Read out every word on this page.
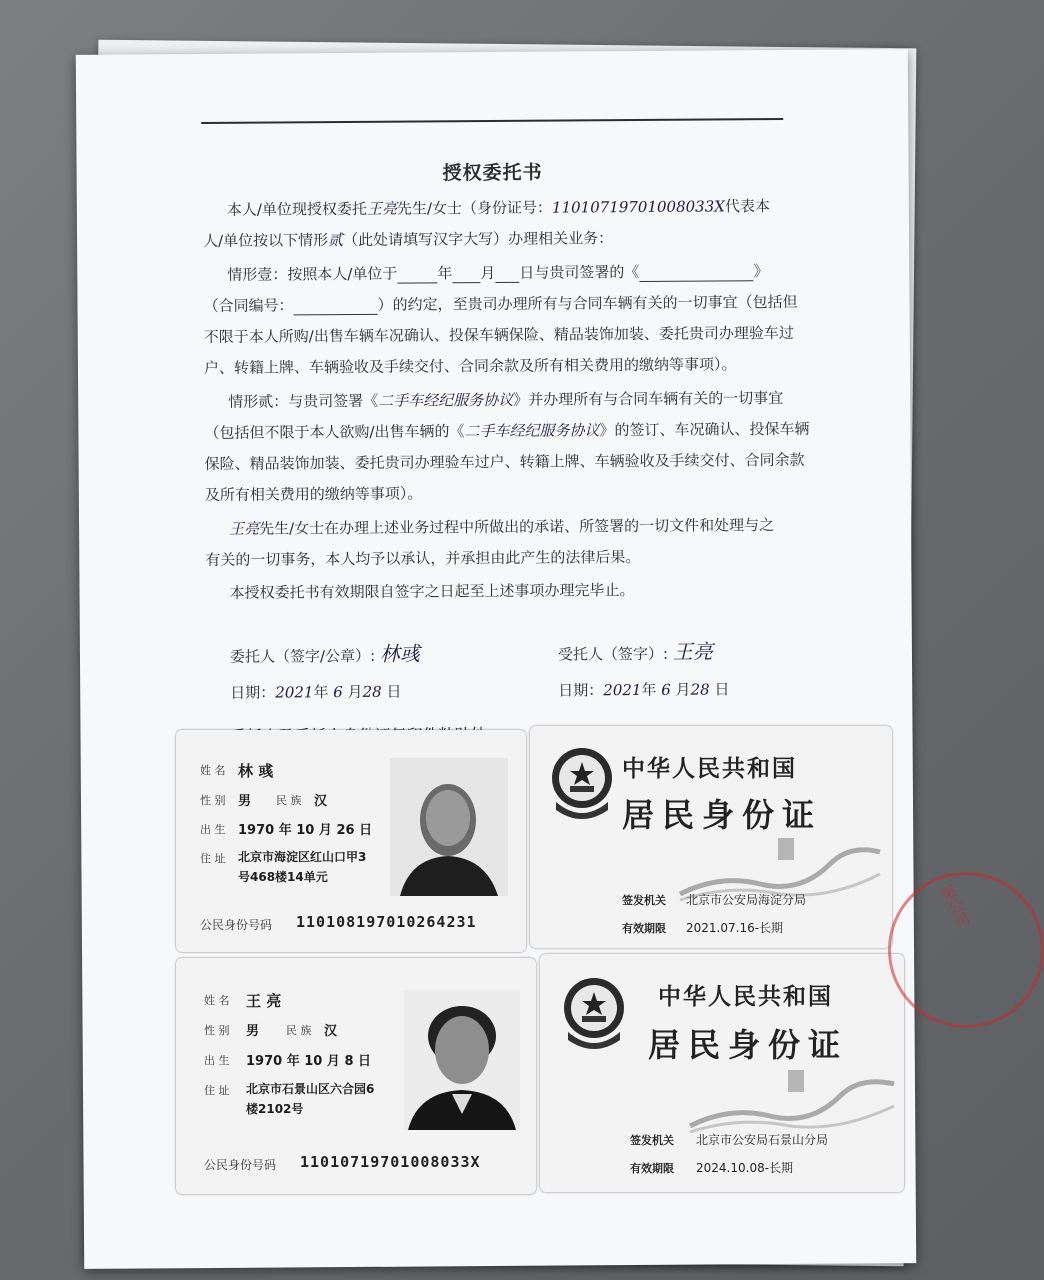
授权委托书
本人/单位现授权委托王亮先生/女士（身份证号：11010719701008033X代表本
人/单位按以下情形贰（此处请填写汉字大写）办理相关业务：
情形壹：按照本人/单位于	年 月 日与贵司签署的《	》
（合同编号：	）的约定，至贵司办理所有与合同车辆有关的一切事宜（包括但
不限于本人所购/出售车辆车况确认、投保车辆保险、精品装饰加装、委托贵司办理验车过
户、转籍上牌、车辆验收及手续交付、合同余款及所有相关费用的缴纳等事项）。
情形贰：与贵司签署《二手车经纪服务协议》并办理所有与合同车辆有关的一切事宜
（包括但不限于本人欲购/出售车辆的《二手车经纪服务协议》的签订、车况确认、投保车辆
保险、精品装饰加装、委托贵司办理验车过户、转籍上牌、车辆验收及手续交付、合同余款
及所有相关费用的缴纳等事项）。
王亮先生/女士在办理上述业务过程中所做出的承诺、所签署的一切文件和处理与之
有关的一切事务，本人均予以承认，并承担由此产生的法律后果。
本授权委托书有效期限自签字之日起至上述事项办理完毕止。
委托人（签字/公章）: 林彧	受托人（签字）: 王亮
日期：2021年 6 月28 日	日期：2021年 6 月28 日
姓 名 林 彧
性 别 男 民 族 汉
出 生 1970 年 10 月 26 日
住 址 北京市海淀区红山口甲3
号468楼14单元
公民身份号码 110108197010264231
中华人民共和国
居民身份证
签发机关 北京市公安局海淀分局
有效期限 2021.07.16-长期
姓 名 王 亮
性 别 男 民 族 汉
出 生 1970 年 10 月 8 日
住 址 北京市石景山区六合园6
楼2102号
公民身份号码 11010719701008033X
中华人民共和国
居民身份证
签发机关 北京市公安局石景山分局
有效期限 2024.10.08-长期
限公司
